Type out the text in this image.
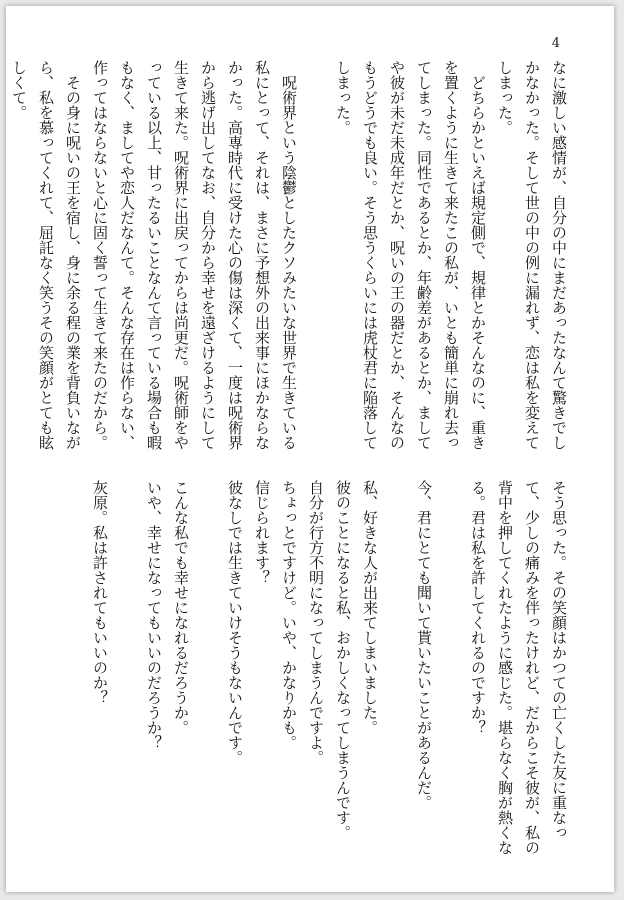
4

なに激しい感情が、自分の中にまだあったなんて驚きでしかなかった。そして世の中の例に漏れず、恋は私を変えてしまった。

どちらかといえば規定側で、規律とかそんなのに、重きを置くように生きて来たこの私が、いとも簡単に崩れ去ってしまった。同性であるとか、年齢差があるとか、ましてや彼が未だ未成年だとか、呪いの王の器だとか、そんなのもうどうでも良い。そう思うくらいには虎杖君に陥落してしまった。

呪術界という陰鬱としたクソみたいな世界で生きている私にとって、それは、まさに予想外の出来事にほかならなかった。高専時代に受けた心の傷は深くて、一度は呪術界から逃げ出してなお、自分から幸せを遠ざけるようにして生きて来た。呪術界に出戻ってからは尚更だ。呪術師をやっている以上、甘ったるいことなんて言っている場合も暇もなく、ましてや恋人だなんて。そんな存在は作らない、作ってはならないと心に固く誓って生きて来たのだから。

その身に呪いの王を宿し、身に余る程の業を背負いながら、私を慕ってくれて、屈託なく笑うその笑顔がとても眩しくて。

そう思った。その笑顔はかつての亡くした友に重なって、少しの痛みを伴ったけれど、だからこそ彼が、私の背中を押してくれたように感じた。堪らなく胸が熱くなる。君は私を許してくれるのですか？

今、君にとても聞いて貰いたいことがあるんだ。

私、好きな人が出来てしまいました。

彼のことになると私、おかしくなってしまうんです。

自分が行方不明になってしまうんですよ。

ちょっとですけど。いや、かなりかも。

信じられます？

彼なしでは生きていけそうもないんです。

こんな私でも幸せになれるだろうか。

いや、幸せになってもいいのだろうか？

灰原。私は許されてもいいのか？
